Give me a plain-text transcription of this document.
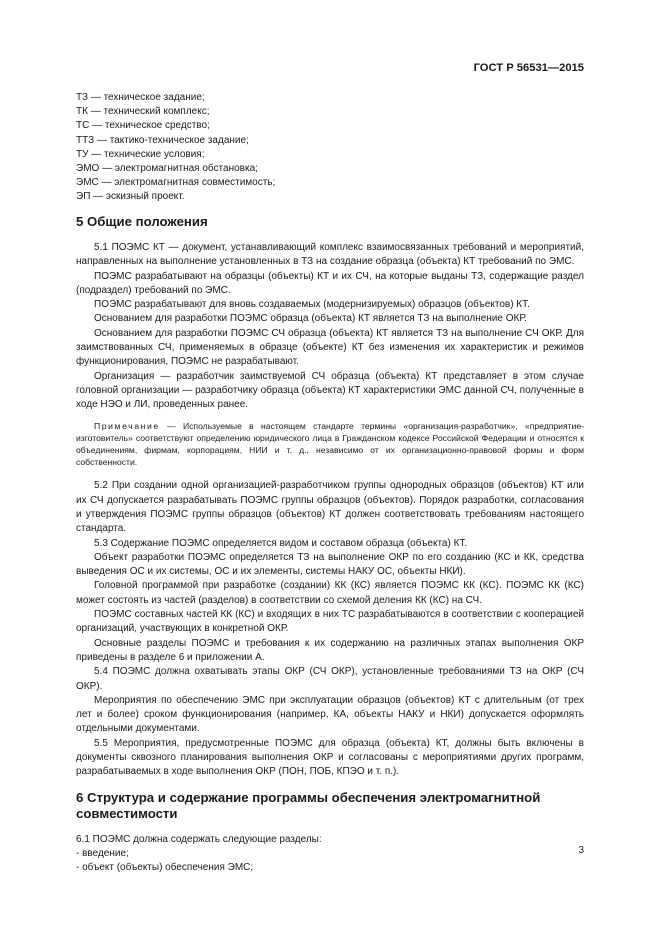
ГОСТ Р 56531—2015
ТЗ — техническое задание;
ТК — технический комплекс;
ТС — техническое средство;
ТТЗ — тактико-техническое задание;
ТУ — технические условия;
ЭМО — электромагнитная обстановка;
ЭМС — электромагнитная совместимость;
ЭП — эскизный проект.
5 Общие положения

5.1 ПОЭМС КТ — документ, устанавливающий комплекс взаимосвязанных требований и мероприятий, направленных на выполнение установленных в ТЗ на создание образца (объекта) КТ требований по ЭМС.

ПОЭМС разрабатывают на образцы (объекты) КТ и их СЧ, на которые выданы ТЗ, содержащие раздел (подраздел) требований по ЭМС.

ПОЭМС разрабатывают для вновь создаваемых (модернизируемых) образцов (объектов) КТ.

Основанием для разработки ПОЭМС образца (объекта) КТ является ТЗ на выполнение ОКР.

Основанием для разработки ПОЭМС СЧ образца (объекта) КТ является ТЗ на выполнение СЧ ОКР. Для заимствованных СЧ, применяемых в образце (объекте) КТ без изменения их характеристик и режимов функционирования, ПОЭМС не разрабатывают.

Организация — разработчик заимствуемой СЧ образца (объекта) КТ представляет в этом случае головной организации — разработчику образца (объекта) КТ характеристики ЭМС данной СЧ, полученные в ходе НЭО и ЛИ, проведенных ранее.

Примечание — Используемые в настоящем стандарте термины «организация-разработчик», «предприятие-изготовитель» соответствуют определению юридического лица в Гражданском кодексе Российской Федерации и относятся к объединениям, фирмам, корпорациям, НИИ и т. д., независимо от их организационно-правовой формы и форм собственности.

5.2 При создании одной организацией-разработчиком группы однородных образцов (объектов) КТ или их СЧ допускается разрабатывать ПОЭМС группы образцов (объектов). Порядок разработки, согласования и утверждения ПОЭМС группы образцов (объектов) КТ должен соответствовать требованиям настоящего стандарта.

5.3 Содержание ПОЭМС определяется видом и составом образца (объекта) КТ.

Объект разработки ПОЭМС определяется ТЗ на выполнение ОКР по его созданию (КС и КК, средства выведения ОС и их системы, ОС и их элементы, системы НАКУ ОС, объекты НКИ).

Головной программой при разработке (создании) КК (КС) является ПОЭМС КК (КС). ПОЭМС КК (КС) может состоять из частей (разделов) в соответствии со схемой деления КК (КС) на СЧ.

ПОЭМС составных частей КК (КС) и входящих в них ТС разрабатываются в соответствии с кооперацией организаций, участвующих в конкретной ОКР.

Основные разделы ПОЭМС и требования к их содержанию на различных этапах выполнения ОКР приведены в разделе 6 и приложении А.

5.4 ПОЭМС должна охватывать этапы ОКР (СЧ ОКР), установленные требованиями ТЗ на ОКР (СЧ ОКР).

Мероприятия по обеспечению ЭМС при эксплуатации образцов (объектов) КТ с длительным (от трех лет и более) сроком функционирования (например, КА, объекты НАКУ и НКИ) допускается оформлять отдельными документами.

5.5 Мероприятия, предусмотренные ПОЭМС для образца (объекта) КТ, должны быть включены в документы сквозного планирования выполнения ОКР и согласованы с мероприятиями других программ, разрабатываемых в ходе выполнения ОКР (ПОН, ПОБ, КПЭО и т. п.).

6 Структура и содержание программы обеспечения электромагнитной совместимости

6.1 ПОЭМС должна содержать следующие разделы:

- введение;

- объект (объекты) обеспечения ЭМС;

3
